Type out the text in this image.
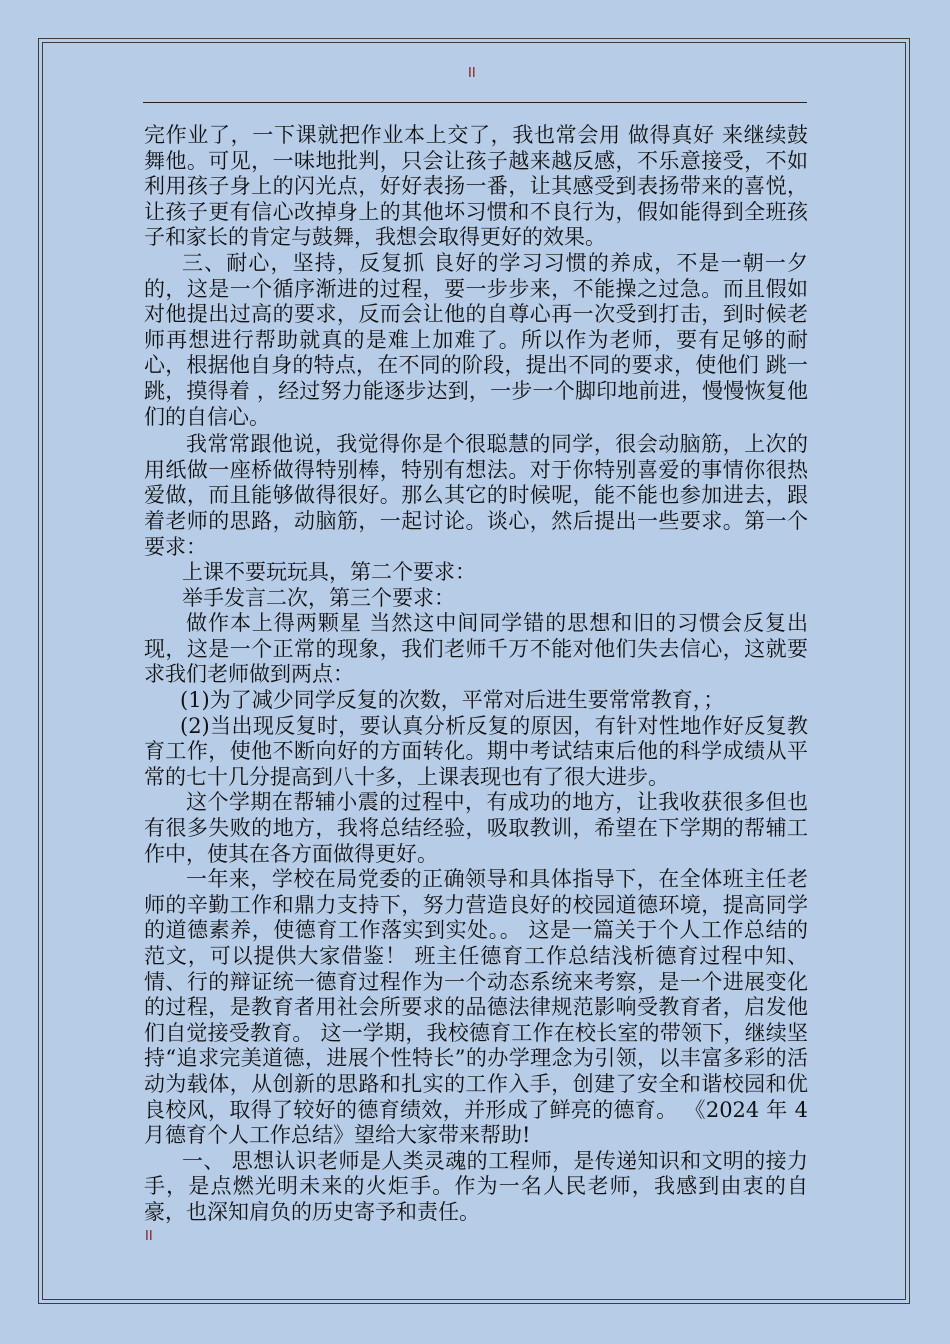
II

完作业了，一下课就把作业本上交了，我也常会用 做得真好 来继续鼓舞他。可见，一味地批判，只会让孩子越来越反感，不乐意接受，不如利用孩子身上的闪光点，好好表扬一番，让其感受到表扬带来的喜悦，让孩子更有信心改掉身上的其他坏习惯和不良行为，假如能得到全班孩子和家长的肯定与鼓舞，我想会取得更好的效果。

三、耐心，坚持，反复抓 良好的学习习惯的养成，不是一朝一夕的，这是一个循序渐进的过程，要一步步来，不能操之过急。而且假如对他提出过高的要求，反而会让他的自尊心再一次受到打击，到时候老师再想进行帮助就真的是难上加难了。所以作为老师，要有足够的耐心，根据他自身的特点，在不同的阶段，提出不同的要求，使他们 跳一跳，摸得着 ，经过努力能逐步达到，一步一个脚印地前进，慢慢恢复他们的自信心。

我常常跟他说，我觉得你是个很聪慧的同学，很会动脑筋，上次的用纸做一座桥做得特别棒，特别有想法。对于你特别喜爱的事情你很热爱做，而且能够做得很好。那么其它的时候呢，能不能也参加进去，跟着老师的思路，动脑筋，一起讨论。谈心，然后提出一些要求。第一个要求：

上课不要玩玩具，第二个要求：

举手发言二次，第三个要求：

做作本上得两颗星 当然这中间同学错的思想和旧的习惯会反复出现，这是一个正常的现象，我们老师千万不能对他们失去信心，这就要求我们老师做到两点：

(1)为了减少同学反复的次数，平常对后进生要常常教育，；

(2)当出现反复时，要认真分析反复的原因，有针对性地作好反复教育工作，使他不断向好的方面转化。期中考试结束后他的科学成绩从平常的七十几分提高到八十多，上课表现也有了很大进步。

这个学期在帮辅小震的过程中，有成功的地方，让我收获很多但也有很多失败的地方，我将总结经验，吸取教训，希望在下学期的帮辅工作中，使其在各方面做得更好。

一年来，学校在局党委的正确领导和具体指导下，在全体班主任老师的辛勤工作和鼎力支持下，努力营造良好的校园道德环境，提高同学的道德素养，使德育工作落实到实处。。 这是一篇关于个人工作总结的范文，可以提供大家借鉴！ 班主任德育工作总结浅析德育过程中知、情、行的辩证统一德育过程作为一个动态系统来考察，是一个进展变化的过程，是教育者用社会所要求的品德法律规范影响受教育者，启发他们自觉接受教育。 这一学期，我校德育工作在校长室的带领下，继续坚持“追求完美道德，进展个性特长”的办学理念为引领，以丰富多彩的活动为载体，从创新的思路和扎实的工作入手，创建了安全和谐校园和优良校风，取得了较好的德育绩效，并形成了鲜亮的德育。 《2024 年 4 月德育个人工作总结》望给大家带来帮助!

一、 思想认识老师是人类灵魂的工程师，是传递知识和文明的接力手，是点燃光明未来的火炬手。作为一名人民老师，我感到由衷的自豪，也深知肩负的历史寄予和责任。

II
